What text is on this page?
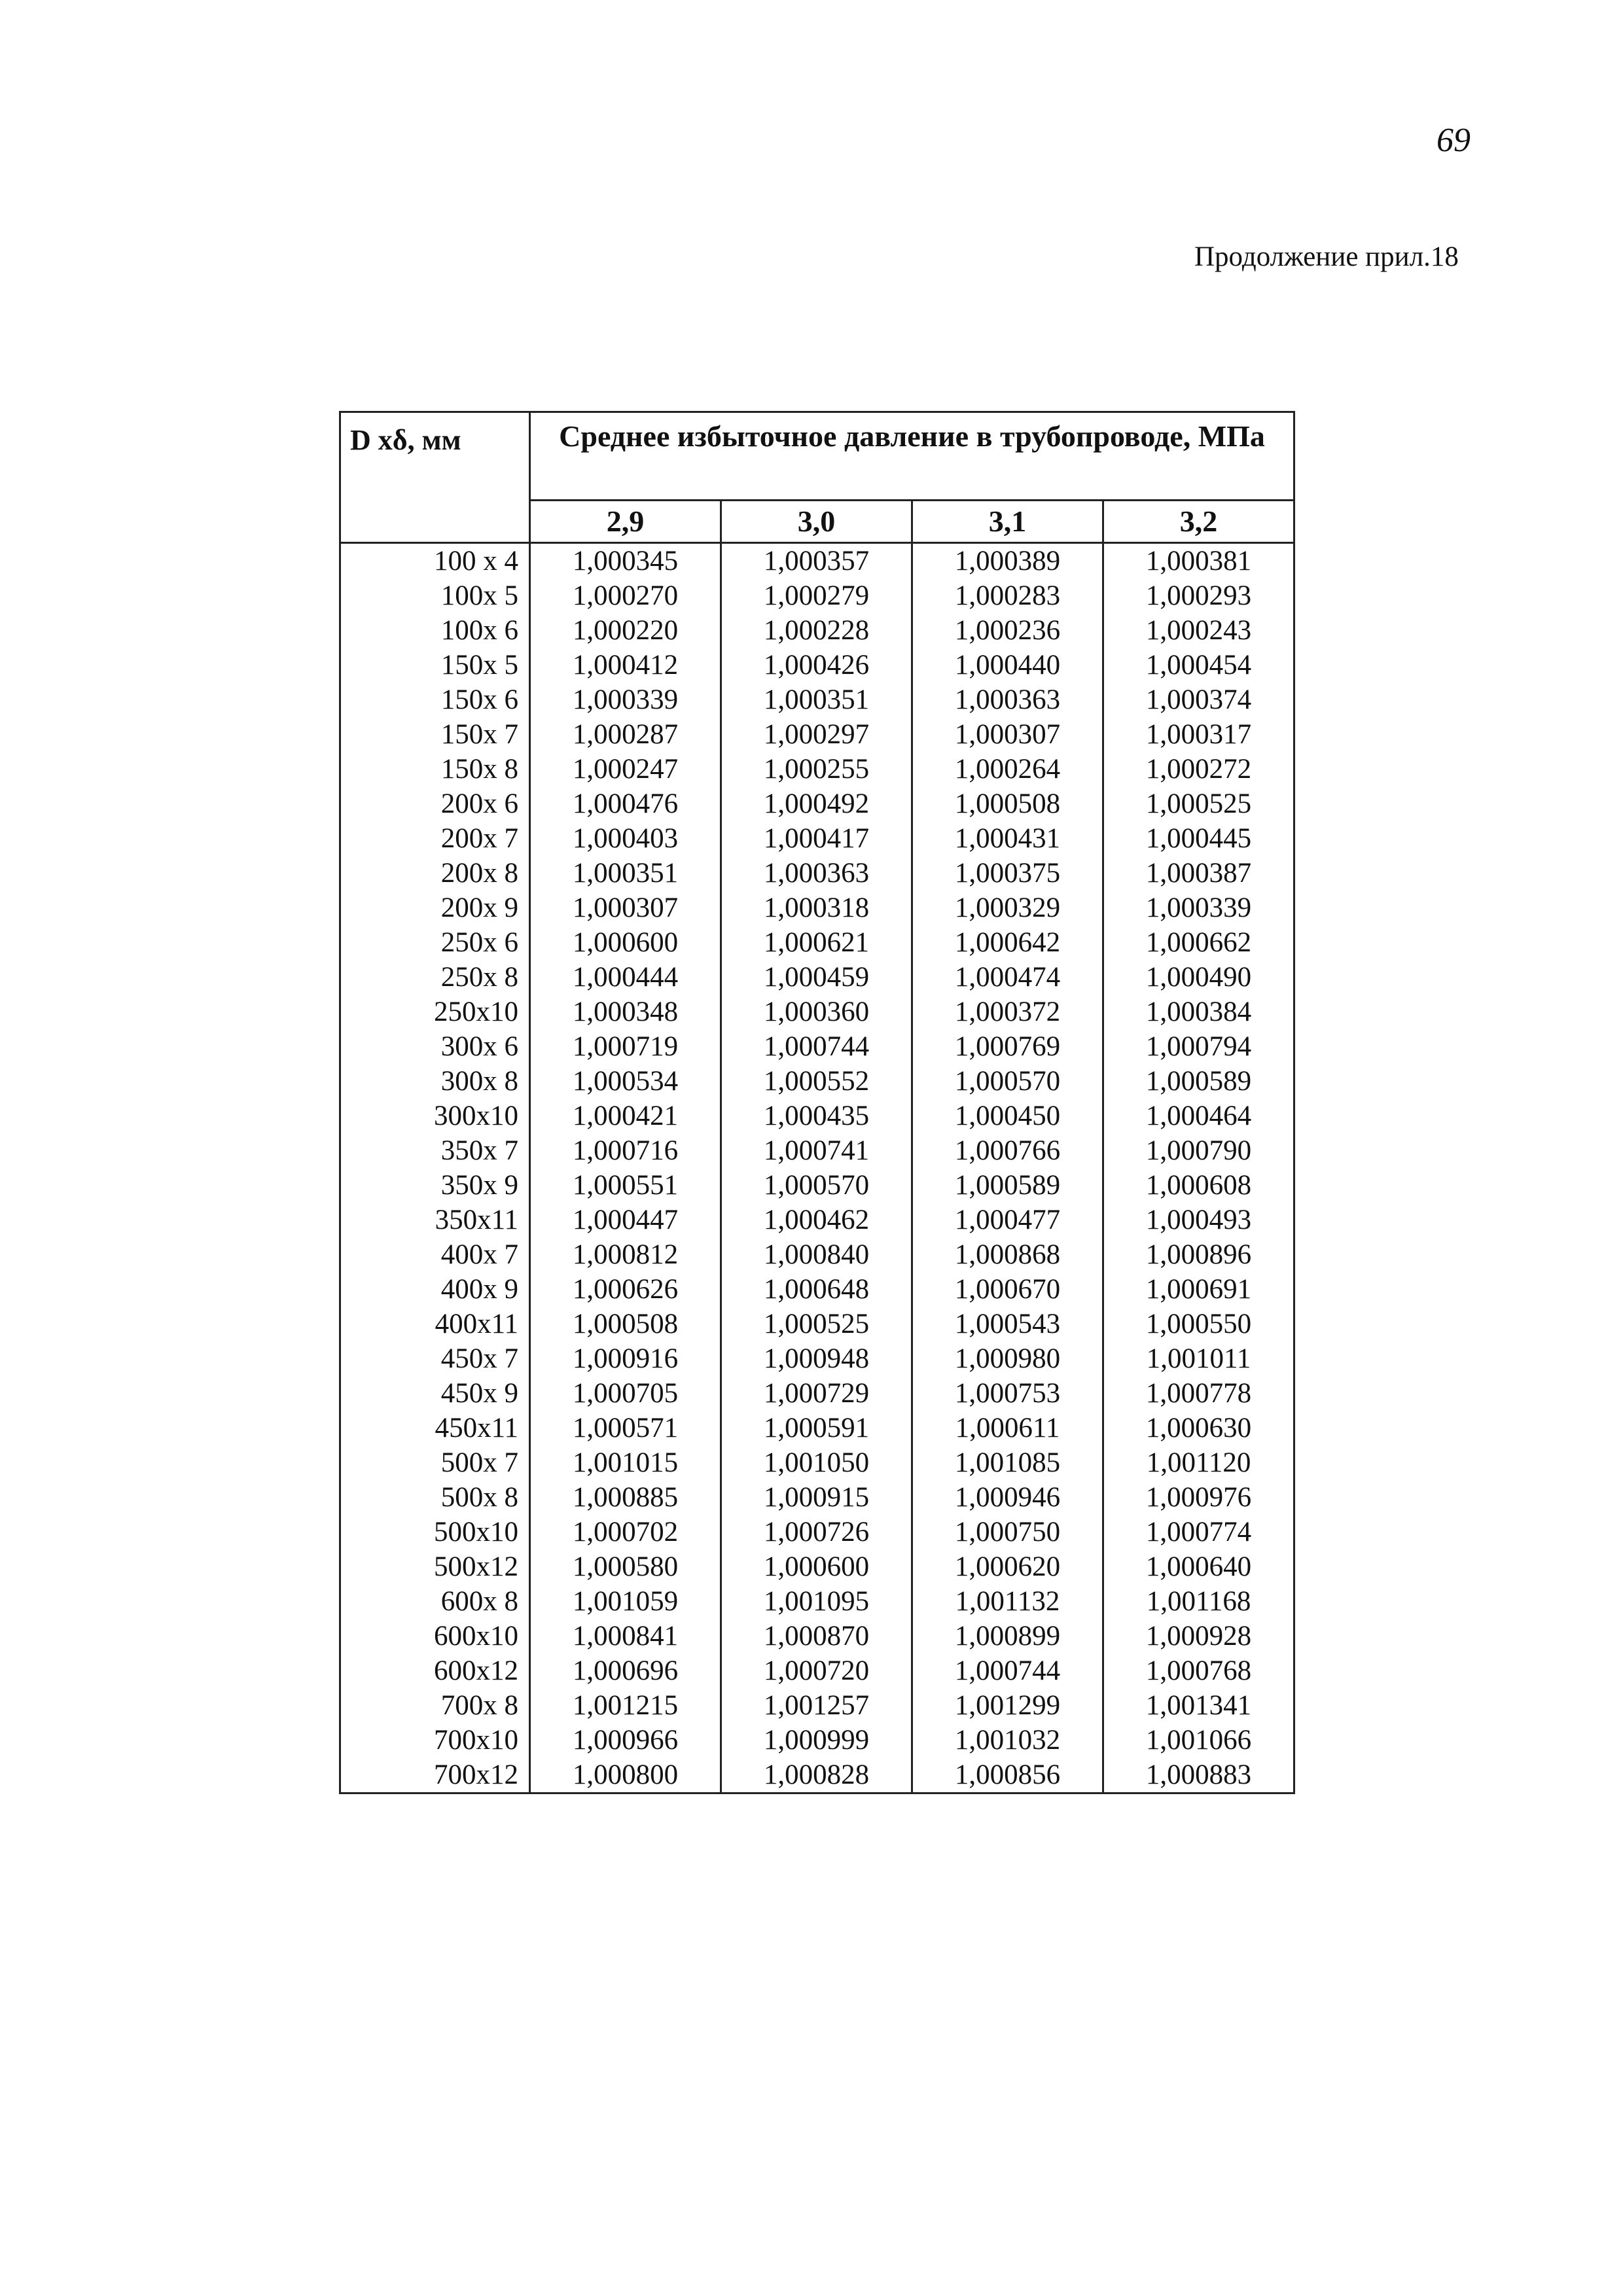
69
Продолжение прил.18
D xδ, мм	Среднее избыточное давление в трубопроводе, МПа			
	2,9	3,0	3,1	3,2
100 x 4	1,000345	1,000357	1,000389	1,000381
100x 5	1,000270	1,000279	1,000283	1,000293
100x 6	1,000220	1,000228	1,000236	1,000243
150x 5	1,000412	1,000426	1,000440	1,000454
150x 6	1,000339	1,000351	1,000363	1,000374
150x 7	1,000287	1,000297	1,000307	1,000317
150x 8	1,000247	1,000255	1,000264	1,000272
200x 6	1,000476	1,000492	1,000508	1,000525
200x 7	1,000403	1,000417	1,000431	1,000445
200x 8	1,000351	1,000363	1,000375	1,000387
200x 9	1,000307	1,000318	1,000329	1,000339
250x 6	1,000600	1,000621	1,000642	1,000662
250x 8	1,000444	1,000459	1,000474	1,000490
250x10	1,000348	1,000360	1,000372	1,000384
300x 6	1,000719	1,000744	1,000769	1,000794
300x 8	1,000534	1,000552	1,000570	1,000589
300x10	1,000421	1,000435	1,000450	1,000464
350x 7	1,000716	1,000741	1,000766	1,000790
350x 9	1,000551	1,000570	1,000589	1,000608
350x11	1,000447	1,000462	1,000477	1,000493
400x 7	1,000812	1,000840	1,000868	1,000896
400x 9	1,000626	1,000648	1,000670	1,000691
400x11	1,000508	1,000525	1,000543	1,000550
450x 7	1,000916	1,000948	1,000980	1,001011
450x 9	1,000705	1,000729	1,000753	1,000778
450x11	1,000571	1,000591	1,000611	1,000630
500x 7	1,001015	1,001050	1,001085	1,001120
500x 8	1,000885	1,000915	1,000946	1,000976
500x10	1,000702	1,000726	1,000750	1,000774
500x12	1,000580	1,000600	1,000620	1,000640
600x 8	1,001059	1,001095	1,001132	1,001168
600x10	1,000841	1,000870	1,000899	1,000928
600x12	1,000696	1,000720	1,000744	1,000768
700x 8	1,001215	1,001257	1,001299	1,001341
700x10	1,000966	1,000999	1,001032	1,001066
700x12	1,000800	1,000828	1,000856	1,000883
